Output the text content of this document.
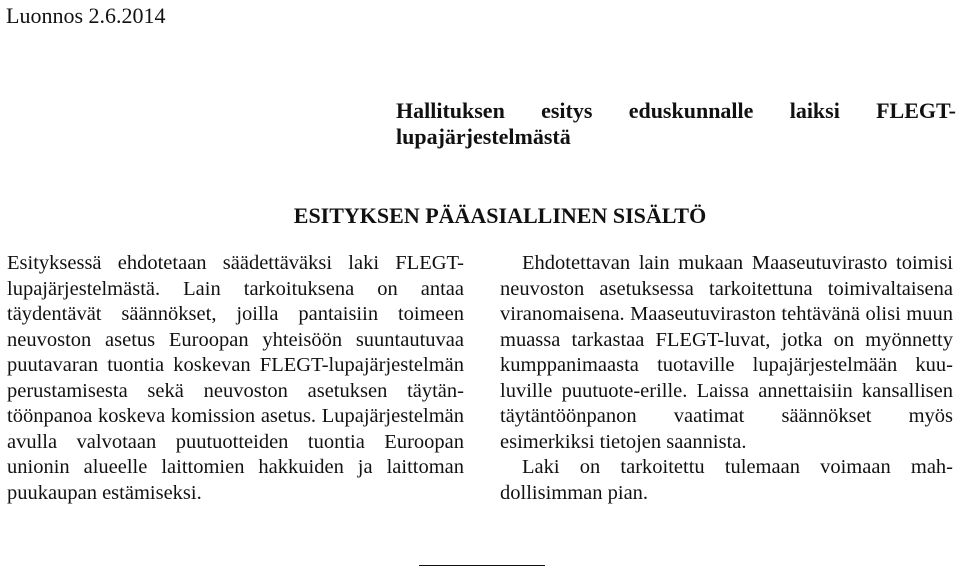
Luonnos 2.6.2014
Hallituksen esitys eduskunnalle laiksi FLEGT-lupajärjestelmästä
ESITYKSEN PÄÄASIALLINEN SISÄLTÖ

Esityksessä ehdotetaan säädettäväksi laki FLEGT-lupajärjestelmästä. Lain tarkoituksena on antaa täydentävät säännökset, joilla pantaisiin toimeen neuvoston asetus Euroopan yhteisöön suuntautuvaa puutavaran tuontia koskevan FLEGT-lupajärjestelmän perustamisesta sekä neuvoston asetuksen täytäntöönpanoa koskeva komission asetus. Lupajärjestelmän avulla valvotaan puutuotteiden tuontia Euroopan unionin alueelle laittomien hakkuiden ja laittoman puukaupan estämiseksi.

Ehdotettavan lain mukaan Maaseutuvirasto toimisi neuvoston asetuksessa tarkoitettuna toimivaltaisena viranomaisena. Maaseutuviraston tehtävänä olisi muun muassa tarkastaa FLEGT-luvat, jotka on myönnetty kumppanimaasta tuotaville lupajärjestelmään kuuluville puutuote-erille. Laissa annettaisiin kansallisen täytäntöönpanon vaatimat säännökset myös esimerkiksi tietojen saannista.

Laki on tarkoitettu tulemaan voimaan mahdollisimman pian.
